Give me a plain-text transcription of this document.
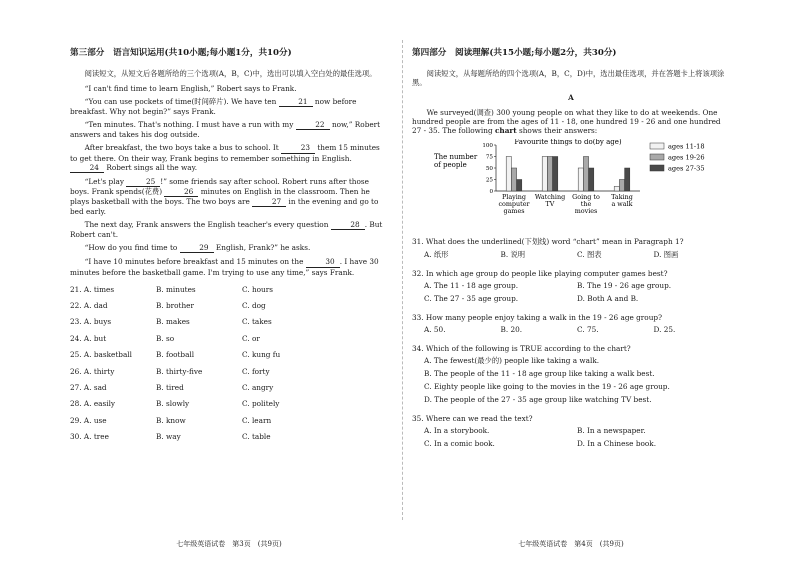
第三部分　语言知识运用(共10小题;每小题1分，共10分)
阅读短文，从短文后各题所给的三个选项(A，B，C)中，选出可以填入空白处的最佳选项。

“I can't find time to learn English,” Robert says to Frank.

“You can use pockets of time(时间碎片). We have ten	21 now before breakfast. Why not begin?” says Frank.

“Ten minutes. That's nothing. I must have a run with my	22 now,” Robert answers and takes his dog outside.

After breakfast, the two boys take a bus to school. It	23 them 15 minutes to get there. On their way, Frank begins to remember something in English. 24 Robert sings all the way.

“Let's play	25 !” some friends say after school. Robert runs after those boys. Frank spends(花费)	26 minutes on English in the classroom. Then he plays basketball with the boys. The two boys are	27 in the evening and go to bed early.

The next day, Frank answers the English teacher's every question	28 . But Robert can't.

“How do you find time to	29 English, Frank?” he asks.

“I have 10 minutes before breakfast and 15 minutes on the	30 . I have 30 minutes before the basketball game. I'm trying to use any time,” says Frank.

21. A. times	B. minutes	C. hours
22. A. dad	B. brother	C. dog
23. A. buys	B. makes	C. takes
24. A. but	B. so	C. or
25. A. basketball	B. football	C. kung fu
26. A. thirty	B. thirty-five	C. forty
27. A. sad	B. tired	C. angry
28. A. easily	B. slowly	C. politely
29. A. use	B. know	C. learn
30. A. tree	B. way	C. table
七年级英语试卷　第3页　(共9页)
第四部分　阅读理解(共15小题;每小题2分，共30分)
阅读短文，从每题所给的四个选项(A，B，C，D)中，选出最佳选项，并在答题卡上将该项涂黑。
A

We surveyed(调查) 300 young people on what they like to do at weekends. One hundred people are from the ages of 11 - 18, one hundred 19 - 26 and one hundred 27 - 35. The following chart shows their answers:

The number
of people
Favourite things to do(by age)
0
25
50
75
100
Playing
computer
games
Watching
TV
Going to
the
movies
Taking
a walk
ages 11-18
ages 19-26
ages 27-35
31. What does the underlined(下划线) word “chart” mean in Paragraph 1?
A. 纸形	B. 说明	C. 图表	D. 图画
32. In which age group do people like playing computer games best?
A. The 11 - 18 age group.	B. The 19 - 26 age group.
C. The 27 - 35 age group.	D. Both A and B.
33. How many people enjoy taking a walk in the 19 - 26 age group?
A. 50.	B. 20.	C. 75.	D. 25.
34. Which of the following is TRUE according to the chart?
A. The fewest(最少的) people like taking a walk.
B. The people of the 11 - 18 age group like taking a walk best.
C. Eighty people like going to the movies in the 19 - 26 age group.
D. The people of the 27 - 35 age group like watching TV best.
35. Where can we read the text?
A. In a storybook.	B. In a newspaper.
C. In a comic book.	D. In a Chinese book.
七年级英语试卷　第4页　(共9页)
